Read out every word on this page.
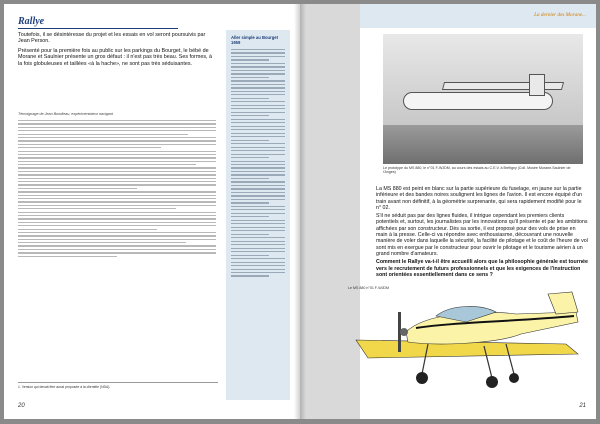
Rallye

Toutefois, il se désintéresse du projet et les essais en vol seront poursuivis par Jean Person.

Présenté pour la première fois au public sur les parkings du Bourget, le bébé de Morane et Saulnier présente un gros défaut : il n'est pas très beau. Ses formes, à la fois globuleuses et taillées «à la hache», ne sont pas très séduisantes.

Témoignage de Jean Bundleau, expérimentateur navigant

Aller simple au Bourget 1959
1. Version qui devait être aussi proposée à la clientèle (NDA).
20
La dernier des Morane...
Le prototype du MS 880, le n°01 F-WJDM, au cours des essais au C.E.V. à Brétigny (Coll. Musée Morane-Saulnier de l'Anges)

La MS 880 est peint en blanc sur la partie supérieure du fuselage, en jaune sur la partie inférieure et des bandes noires soulignent les lignes de l'avion. Il est encore équipé d'un train avant non définitif, à la géométrie surprenante, qui sera rapidement modifié pour le n° 02.

S'il ne séduit pas par des lignes fluides, il intrigue cependant les premiers clients potentiels et, surtout, les journalistes par les innovations qu'il présente et par les ambitions affichées par son constructeur. Dès sa sortie, il est proposé pour des vols de prise en main à la presse. Celle-ci va répondre avec enthousiasme, découvrant une nouvelle manière de voler dans laquelle la sécurité, la facilité de pilotage et le coût de l'heure de vol sont mis en exergue par le constructeur pour ouvrir le pilotage et le tourisme aérien à un grand nombre d'amateurs.

Comment le Rallye va-t-il être accueilli alors que la philosophie générale est tournée vers le recrutement de futurs professionnels et que les exigences de l'instruction sont orientées essentiellement dans ce sens ?

Le MS 880 n°01 F-WJDM
21
